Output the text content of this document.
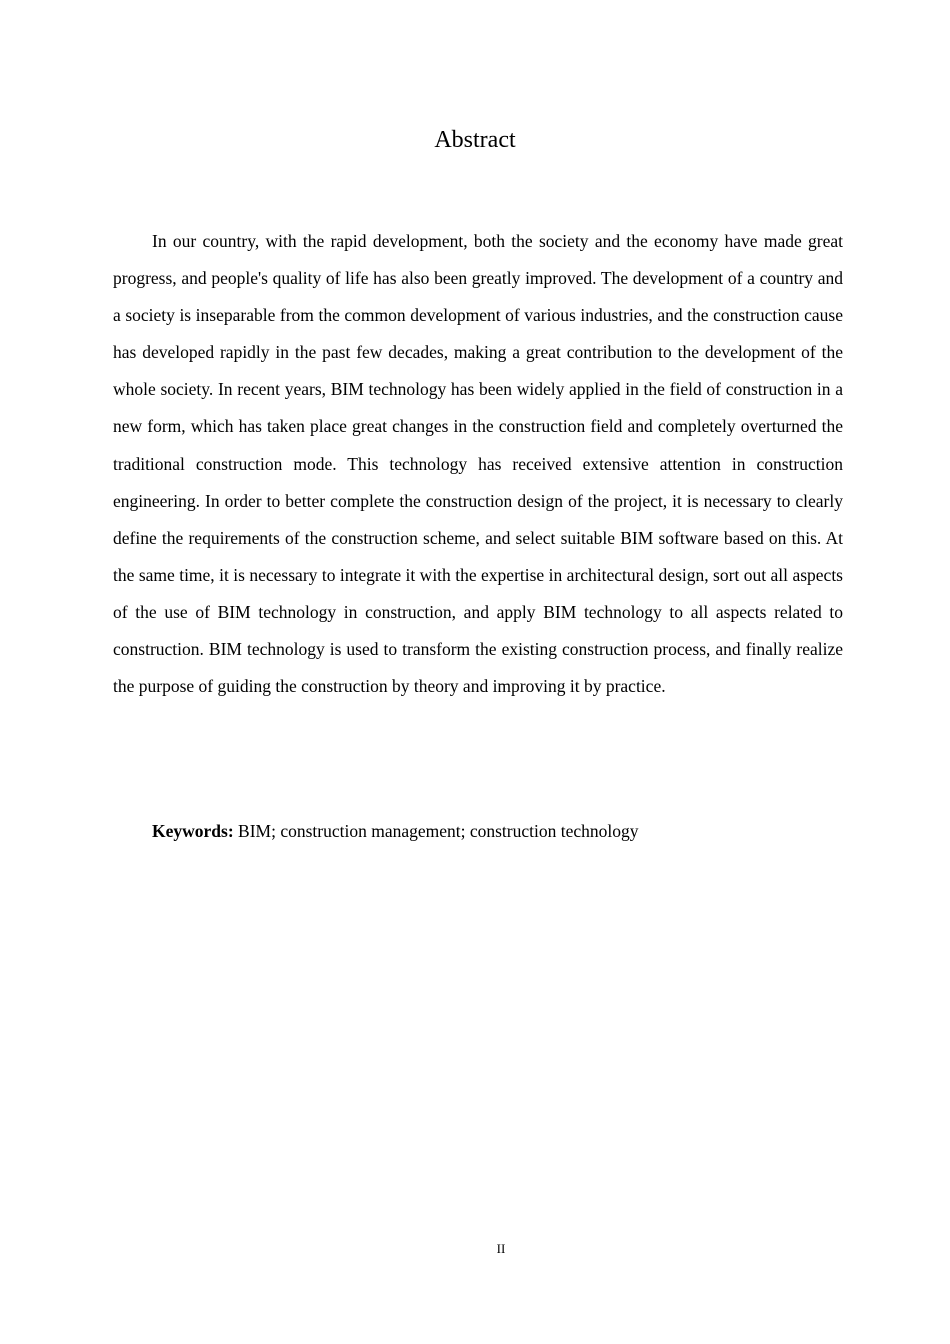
Abstract

In our country, with the rapid development, both the society and the economy have made great progress, and people's quality of life has also been greatly improved. The development of a country and a society is inseparable from the common development of various industries, and the construction cause has developed rapidly in the past few decades, making a great contribution to the development of the whole society. In recent years, BIM technology has been widely applied in the field of construction in a new form, which has taken place great changes in the construction field and completely overturned the traditional construction mode. This technology has received extensive attention in construction engineering. In order to better complete the construction design of the project, it is necessary to clearly define the requirements of the construction scheme, and select suitable BIM software based on this. At the same time, it is necessary to integrate it with the expertise in architectural design, sort out all aspects of the use of BIM technology in construction, and apply BIM technology to all aspects related to construction. BIM technology is used to transform the existing construction process, and finally realize the purpose of guiding the construction by theory and improving it by practice.

Keywords: BIM; construction management; construction technology

II
